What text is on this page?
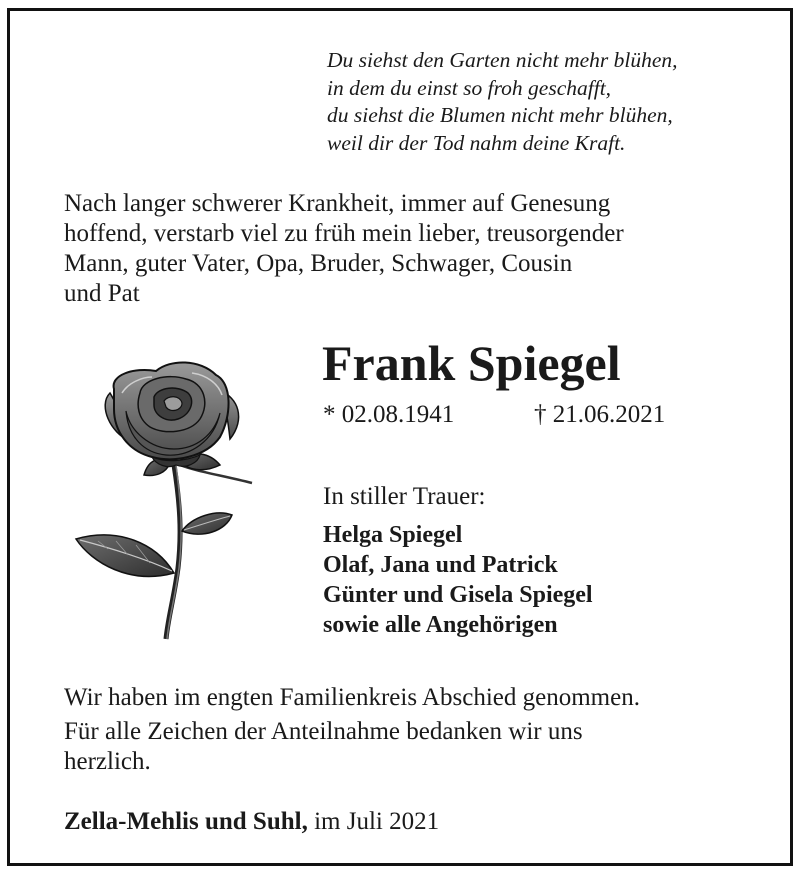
Du siehst den Garten nicht mehr blühen,
in dem du einst so froh geschafft,
du siehst die Blumen nicht mehr blühen,
weil dir der Tod nahm deine Kraft.
Nach langer schwerer Krankheit, immer auf Genesung
hoffend, verstarb viel zu früh mein lieber, treusorgender
Mann, guter Vater, Opa, Bruder, Schwager, Cousin
und Pat
Frank Spiegel
* 02.08.1941	† 21.06.2021
In stiller Trauer:
Helga Spiegel
Olaf, Jana und Patrick
Günter und Gisela Spiegel
sowie alle Angehörigen
Wir haben im engten Familienkreis Abschied genommen.
Für alle Zeichen der Anteilnahme bedanken wir uns
herzlich.
Zella-Mehlis und Suhl, im Juli 2021
